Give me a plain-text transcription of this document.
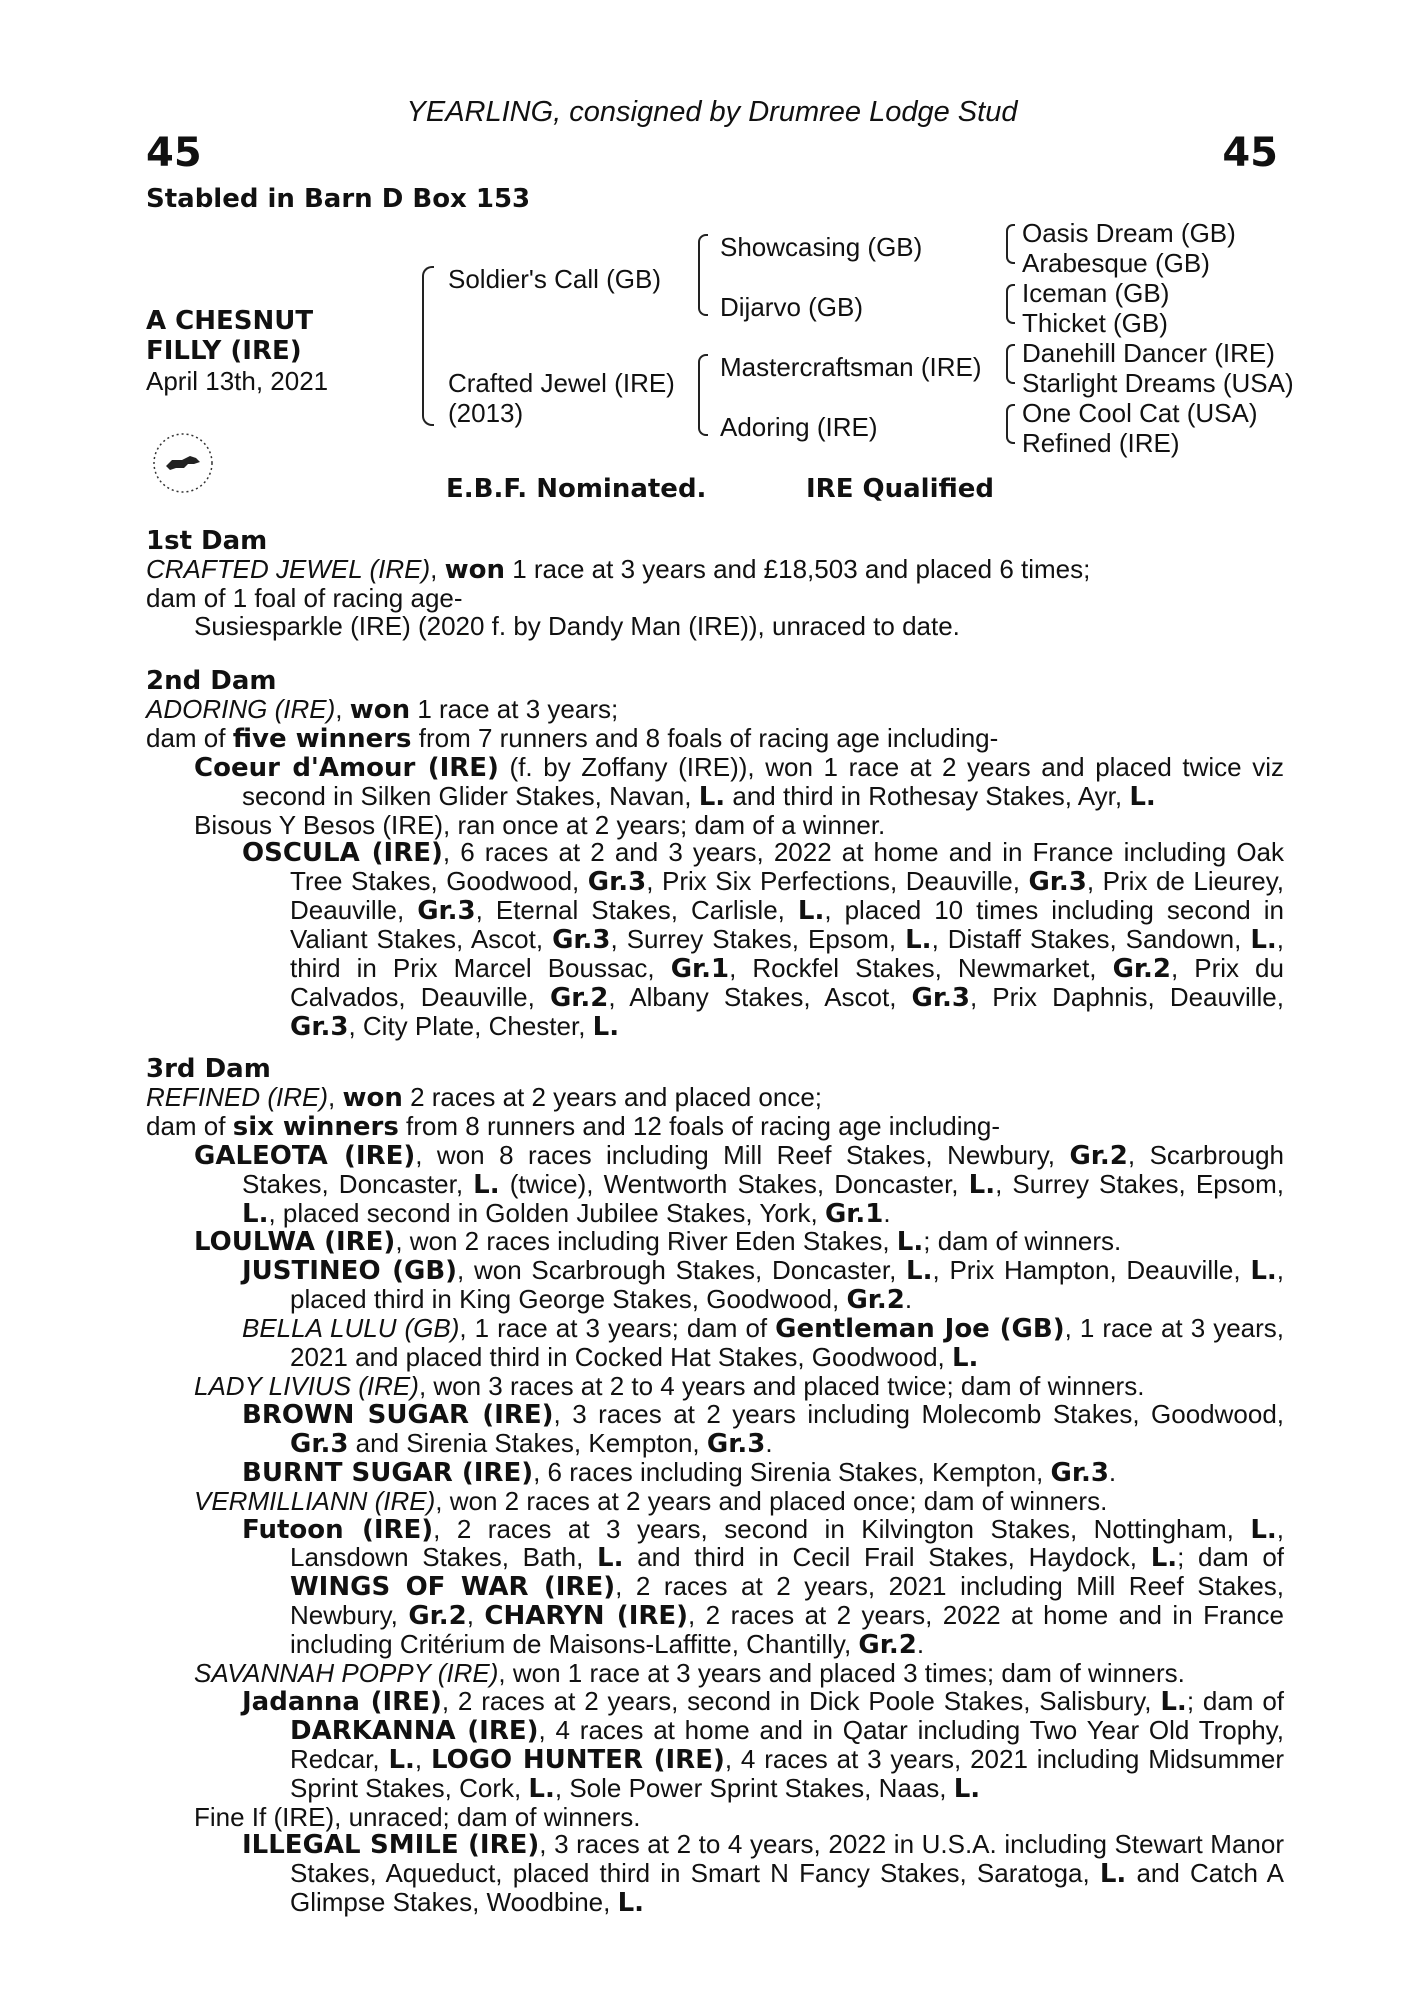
YEARLING, consigned by Drumree Lodge Stud
45	45
Stabled in Barn D Box 153
A CHESNUT
FILLY (IRE)
April 13th, 2021
Soldier's Call (GB)
Crafted Jewel (IRE)
(2013)
Showcasing (GB)
Dijarvo (GB)
Mastercraftsman (IRE)
Adoring (IRE)
Oasis Dream (GB)
Arabesque (GB)
Iceman (GB)
Thicket (GB)
Danehill Dancer (IRE)
Starlight Dreams (USA)
One Cool Cat (USA)
Refined (IRE)
E.B.F. Nominated.	IRE Qualified

1st Dam

CRAFTED JEWEL (IRE), won 1 race at 3 years and £18,503 and placed 6 times;

dam of 1 foal of racing age-

Susiesparkle (IRE) (2020 f. by Dandy Man (IRE)), unraced to date.

2nd Dam

ADORING (IRE), won 1 race at 3 years;

dam of five winners from 7 runners and 8 foals of racing age including-

Coeur d'Amour (IRE) (f. by Zoffany (IRE)), won 1 race at 2 years and placed twice viz second in Silken Glider Stakes, Navan, L. and third in Rothesay Stakes, Ayr, L.

Bisous Y Besos (IRE), ran once at 2 years; dam of a winner.

OSCULA (IRE), 6 races at 2 and 3 years, 2022 at home and in France including Oak Tree Stakes, Goodwood, Gr.3, Prix Six Perfections, Deauville, Gr.3, Prix de Lieurey, Deauville, Gr.3, Eternal Stakes, Carlisle, L., placed 10 times including second in Valiant Stakes, Ascot, Gr.3, Surrey Stakes, Epsom, L., Distaff Stakes, Sandown, L., third in Prix Marcel Boussac, Gr.1, Rockfel Stakes, Newmarket, Gr.2, Prix du Calvados, Deauville, Gr.2, Albany Stakes, Ascot, Gr.3, Prix Daphnis, Deauville, Gr.3, City Plate, Chester, L.

3rd Dam

REFINED (IRE), won 2 races at 2 years and placed once;

dam of six winners from 8 runners and 12 foals of racing age including-

GALEOTA (IRE), won 8 races including Mill Reef Stakes, Newbury, Gr.2, Scarbrough Stakes, Doncaster, L. (twice), Wentworth Stakes, Doncaster, L., Surrey Stakes, Epsom, L., placed second in Golden Jubilee Stakes, York, Gr.1.

LOULWA (IRE), won 2 races including River Eden Stakes, L.; dam of winners.

JUSTINEO (GB), won Scarbrough Stakes, Doncaster, L., Prix Hampton, Deauville, L., placed third in King George Stakes, Goodwood, Gr.2.

BELLA LULU (GB), 1 race at 3 years; dam of Gentleman Joe (GB), 1 race at 3 years, 2021 and placed third in Cocked Hat Stakes, Goodwood, L.

LADY LIVIUS (IRE), won 3 races at 2 to 4 years and placed twice; dam of winners.

BROWN SUGAR (IRE), 3 races at 2 years including Molecomb Stakes, Goodwood, Gr.3 and Sirenia Stakes, Kempton, Gr.3.

BURNT SUGAR (IRE), 6 races including Sirenia Stakes, Kempton, Gr.3.

VERMILLIANN (IRE), won 2 races at 2 years and placed once; dam of winners.

Futoon (IRE), 2 races at 3 years, second in Kilvington Stakes, Nottingham, L., Lansdown Stakes, Bath, L. and third in Cecil Frail Stakes, Haydock, L.; dam of WINGS OF WAR (IRE), 2 races at 2 years, 2021 including Mill Reef Stakes, Newbury, Gr.2, CHARYN (IRE), 2 races at 2 years, 2022 at home and in France including Critérium de Maisons-Laffitte, Chantilly, Gr.2.

SAVANNAH POPPY (IRE), won 1 race at 3 years and placed 3 times; dam of winners.

Jadanna (IRE), 2 races at 2 years, second in Dick Poole Stakes, Salisbury, L.; dam of DARKANNA (IRE), 4 races at home and in Qatar including Two Year Old Trophy, Redcar, L., LOGO HUNTER (IRE), 4 races at 3 years, 2021 including Midsummer Sprint Stakes, Cork, L., Sole Power Sprint Stakes, Naas, L.

Fine If (IRE), unraced; dam of winners.

ILLEGAL SMILE (IRE), 3 races at 2 to 4 years, 2022 in U.S.A. including Stewart Manor Stakes, Aqueduct, placed third in Smart N Fancy Stakes, Saratoga, L. and Catch A Glimpse Stakes, Woodbine, L.
